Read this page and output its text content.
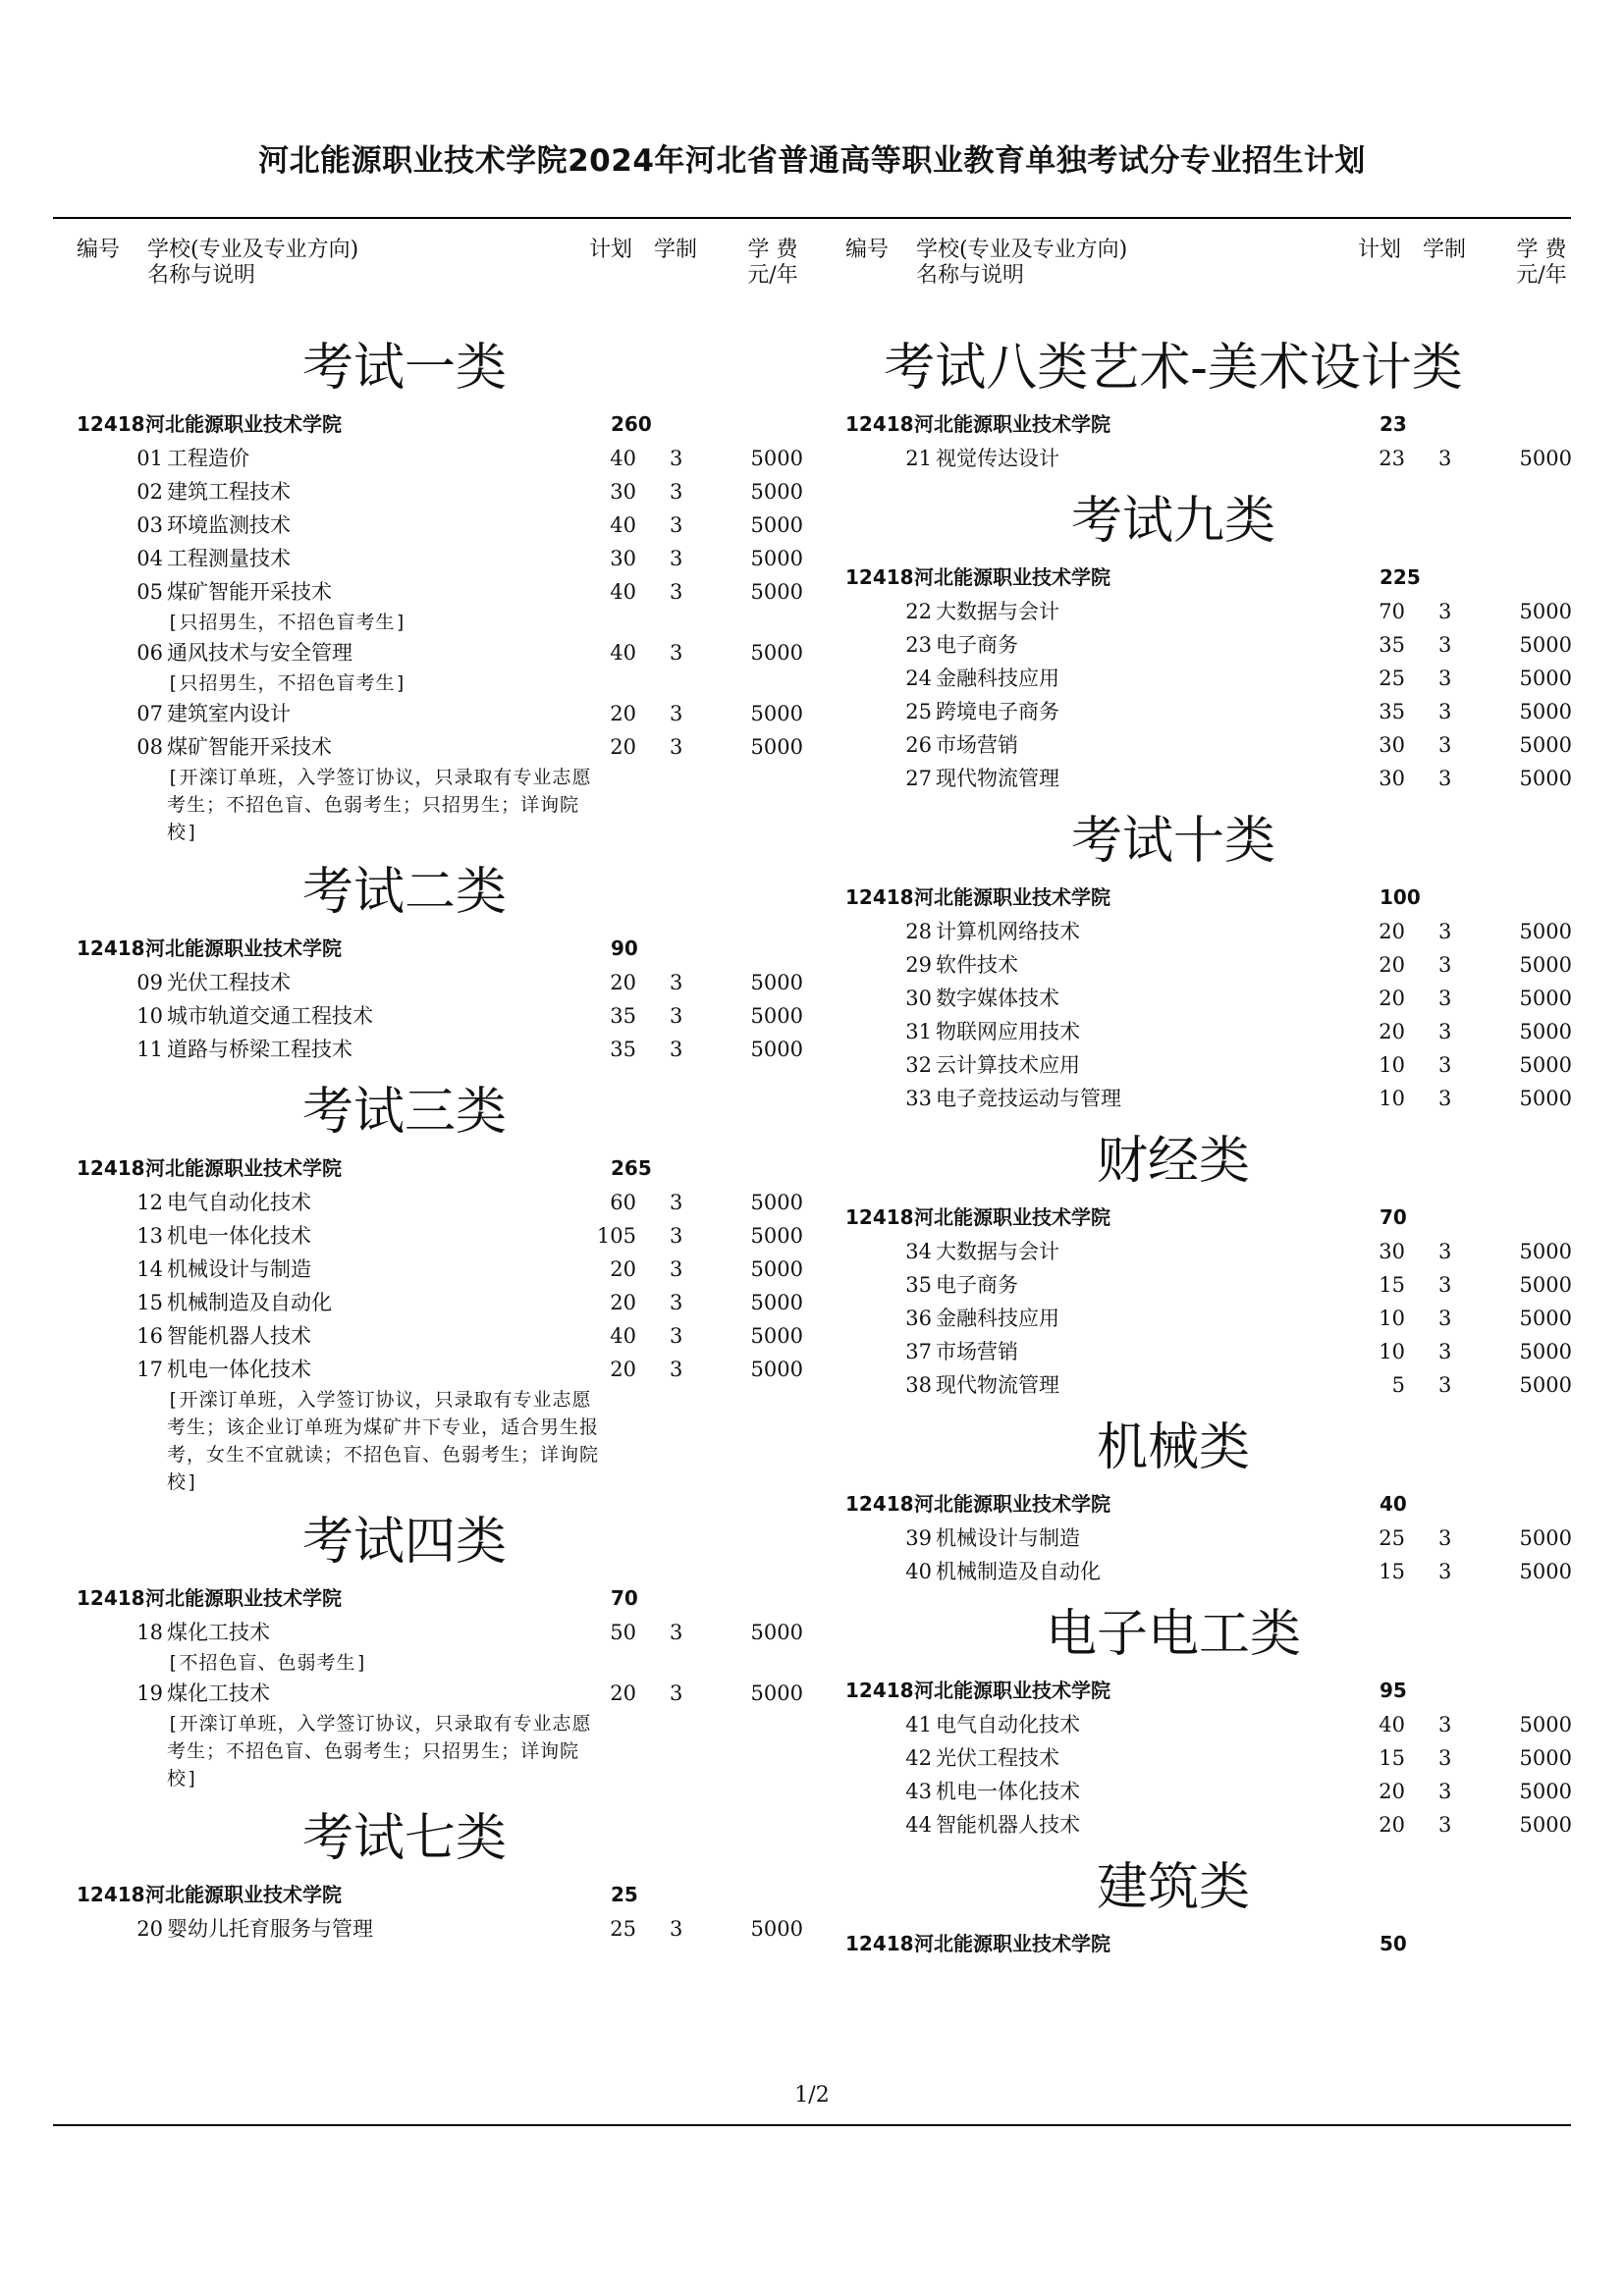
河北能源职业技术学院2024年河北省普通高等职业教育单独考试分专业招生计划
编号 学校(专业及专业方向)
名称与说明
计划 学制	学 费
元/年
考试一类
12418 河北能源职业技术学院	260
01 工程造价	40 3	5000
02 建筑工程技术	30 3	5000
03 环境监测技术	40 3	5000
04 工程测量技术	30 3	5000
05 煤矿智能开采技术	40 3	5000
[只招男生，不招色盲考生]
06 通风技术与安全管理	40 3	5000
[只招男生，不招色盲考生]
07 建筑室内设计	20 3	5000
08 煤矿智能开采技术	20 3	5000
[开滦订单班，入学签订协议，只录取有专业志愿考生；不招色盲、色弱考生；只招男生；详询院校]
考试二类
12418 河北能源职业技术学院	90
09 光伏工程技术	20 3	5000
10 城市轨道交通工程技术	35 3	5000
11 道路与桥梁工程技术	35 3	5000
考试三类
12418 河北能源职业技术学院	265
12 电气自动化技术	60 3	5000
13 机电一体化技术	105 3	5000
14 机械设计与制造	20 3	5000
15 机械制造及自动化	20 3	5000
16 智能机器人技术	40 3	5000
17 机电一体化技术	20 3	5000
[开滦订单班，入学签订协议，只录取有专业志愿考生；该企业订单班为煤矿井下专业，适合男生报考，女生不宜就读；不招色盲、色弱考生；详询院校]
考试四类
12418 河北能源职业技术学院	70
18 煤化工技术	50 3	5000
[不招色盲、色弱考生]
19 煤化工技术	20 3	5000
[开滦订单班，入学签订协议，只录取有专业志愿考生；不招色盲、色弱考生；只招男生；详询院校]
考试七类
12418 河北能源职业技术学院	25
20 婴幼儿托育服务与管理	25 3	5000
编号 学校(专业及专业方向)
名称与说明
计划 学制	学 费
元/年
考试八类艺术-美术设计类
12418 河北能源职业技术学院	23
21 视觉传达设计	23 3	5000
考试九类
12418 河北能源职业技术学院	225
22 大数据与会计	70 3	5000
23 电子商务	35 3	5000
24 金融科技应用	25 3	5000
25 跨境电子商务	35 3	5000
26 市场营销	30 3	5000
27 现代物流管理	30 3	5000
考试十类
12418 河北能源职业技术学院	100
28 计算机网络技术	20 3	5000
29 软件技术	20 3	5000
30 数字媒体技术	20 3	5000
31 物联网应用技术	20 3	5000
32 云计算技术应用	10 3	5000
33 电子竞技运动与管理	10 3	5000
财经类
12418 河北能源职业技术学院	70
34 大数据与会计	30 3	5000
35 电子商务	15 3	5000
36 金融科技应用	10 3	5000
37 市场营销	10 3	5000
38 现代物流管理	5 3	5000
机械类
12418 河北能源职业技术学院	40
39 机械设计与制造	25 3	5000
40 机械制造及自动化	15 3	5000
电子电工类
12418 河北能源职业技术学院	95
41 电气自动化技术	40 3	5000
42 光伏工程技术	15 3	5000
43 机电一体化技术	20 3	5000
44 智能机器人技术	20 3	5000
建筑类
12418 河北能源职业技术学院	50
1/2
